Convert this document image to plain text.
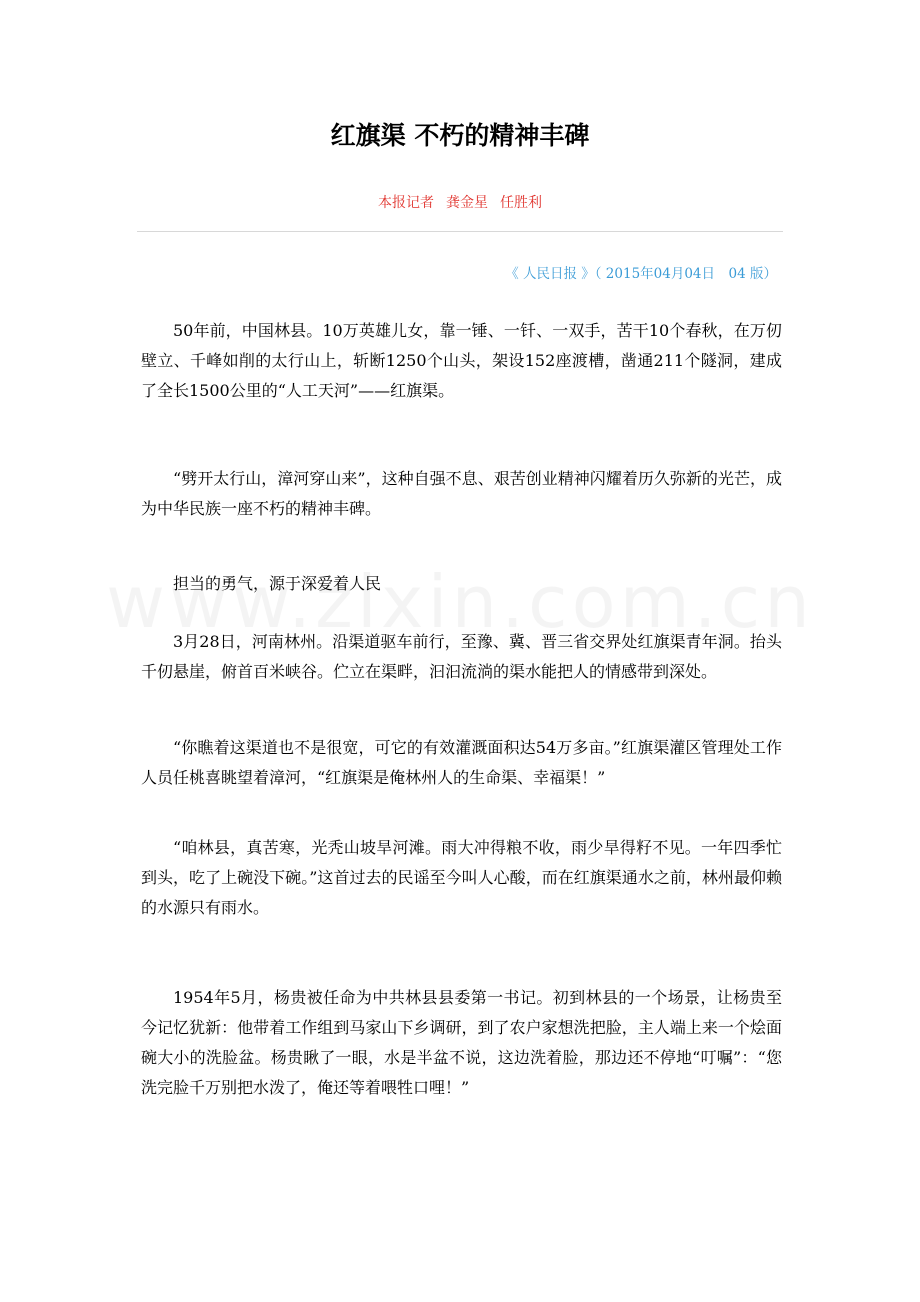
红旗渠 不朽的精神丰碑
本报记者 龚金星 任胜利
《 人民日报 》（ 2015年04月04日　04 版）

50年前，中国林县。10万英雄儿女，靠一锤、一钎、一双手，苦干10个春秋，在万仞壁立、千峰如削的太行山上，斩断1250个山头，架设152座渡槽，凿通211个隧洞，建成了全长1500公里的“人工天河”——红旗渠。

“劈开太行山，漳河穿山来”，这种自强不息、艰苦创业精神闪耀着历久弥新的光芒，成为中华民族一座不朽的精神丰碑。

担当的勇气，源于深爱着人民

3月28日，河南林州。沿渠道驱车前行，至豫、冀、晋三省交界处红旗渠青年洞。抬头千仞悬崖，俯首百米峡谷。伫立在渠畔，汩汩流淌的渠水能把人的情感带到深处。

“你瞧着这渠道也不是很宽，可它的有效灌溉面积达54万多亩。”红旗渠灌区管理处工作人员任桃喜眺望着漳河，“红旗渠是俺林州人的生命渠、幸福渠！”

“咱林县，真苦寒，光秃山坡旱河滩。雨大冲得粮不收，雨少旱得籽不见。一年四季忙到头，吃了上碗没下碗。”这首过去的民谣至今叫人心酸，而在红旗渠通水之前，林州最仰赖的水源只有雨水。

1954年5月，杨贵被任命为中共林县县委第一书记。初到林县的一个场景，让杨贵至今记忆犹新：他带着工作组到马家山下乡调研，到了农户家想洗把脸，主人端上来一个烩面碗大小的洗脸盆。杨贵瞅了一眼，水是半盆不说，这边洗着脸，那边还不停地“叮嘱”：“您洗完脸千万别把水泼了，俺还等着喂牲口哩！”
